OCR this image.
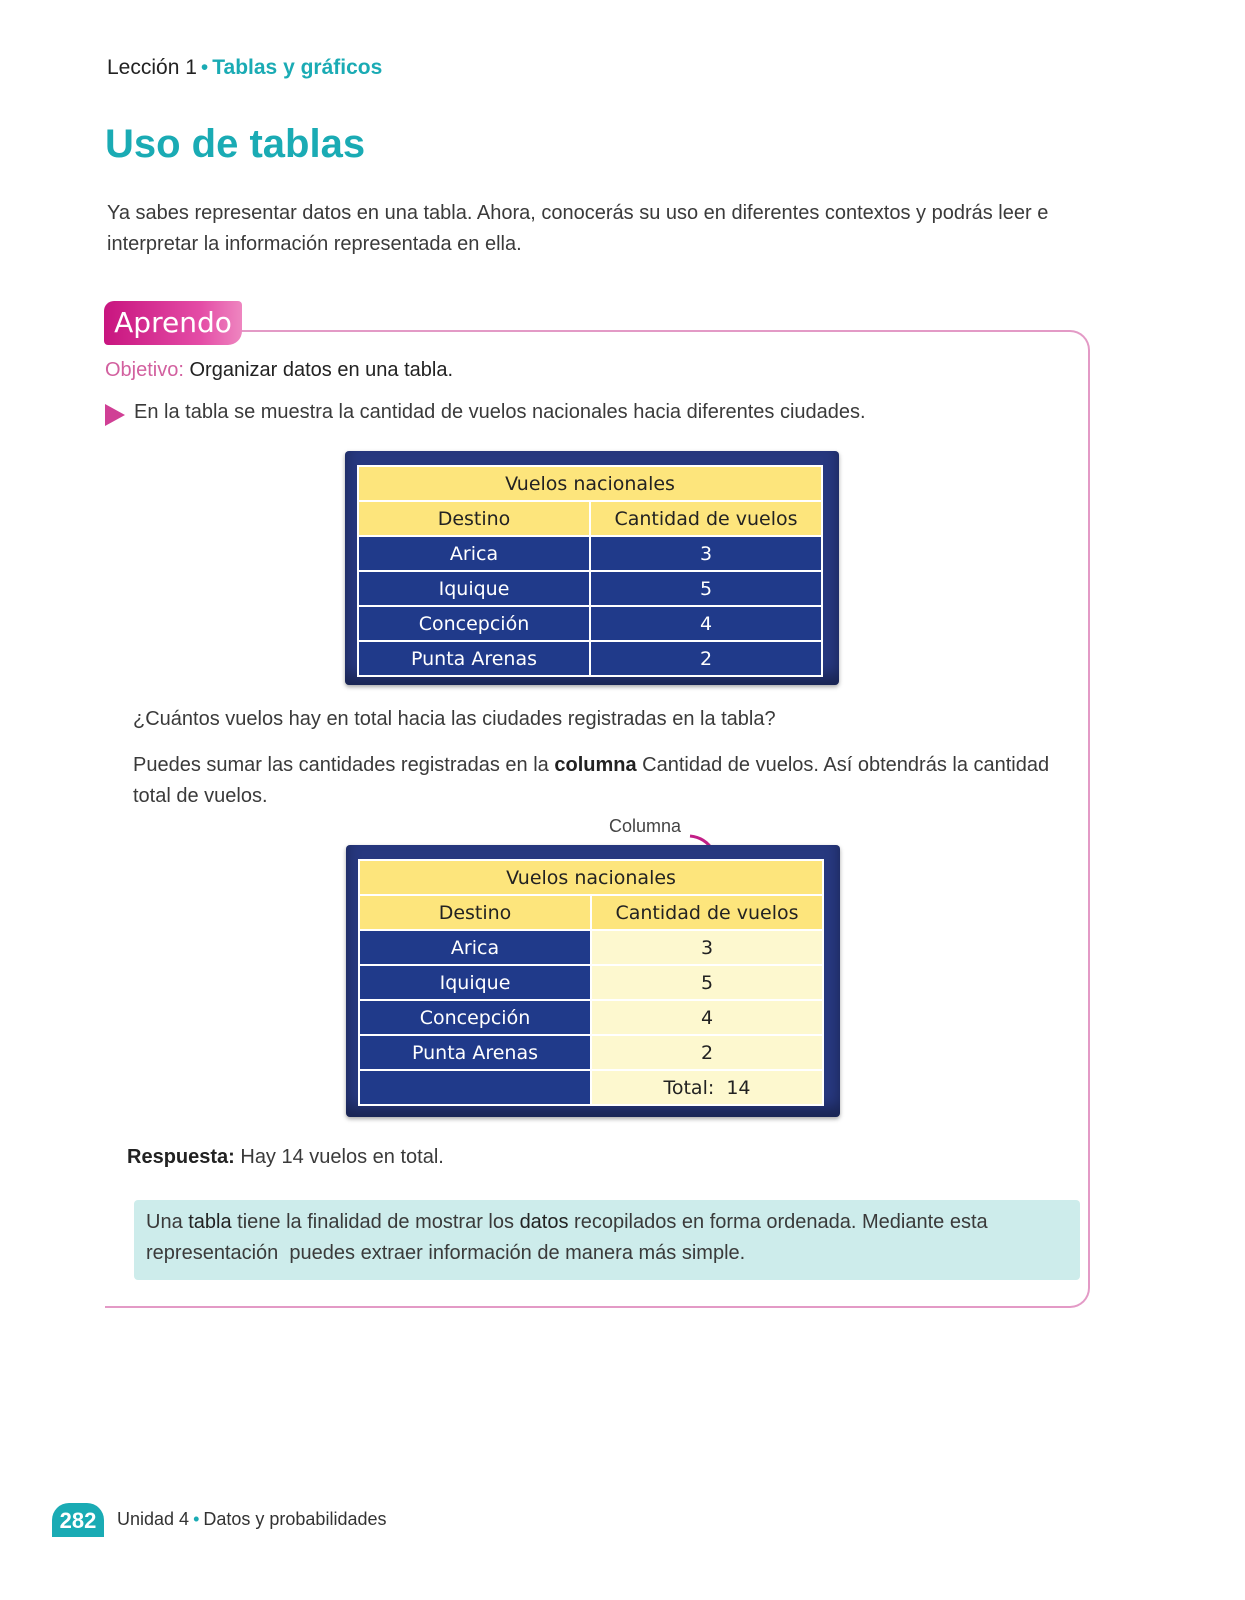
Lección 1 • Tablas y gráficos
Uso de tablas
Ya sabes representar datos en una tabla. Ahora, conocerás su uso en diferentes contextos y podrás leer e interpretar la información representada en ella.
Aprendo
Objetivo: Organizar datos en una tabla.
En la tabla se muestra la cantidad de vuelos nacionales hacia diferentes ciudades.
Vuelos nacionales	
Destino	Cantidad de vuelos
Arica	3
Iquique	5
Concepción	4
Punta Arenas	2
¿Cuántos vuelos hay en total hacia las ciudades registradas en la tabla?
Puedes sumar las cantidades registradas en la columna Cantidad de vuelos. Así obtendrás la cantidad total de vuelos.
Columna
Vuelos nacionales	
Destino	Cantidad de vuelos
Arica	3
Iquique	5
Concepción	4
Punta Arenas	2
	Total:  14
Respuesta: Hay 14 vuelos en total.
Una tabla tiene la finalidad de mostrar los datos recopilados en forma ordenada. Mediante esta representación  puedes extraer información de manera más simple.
282	Unidad 4 • Datos y probabilidades
